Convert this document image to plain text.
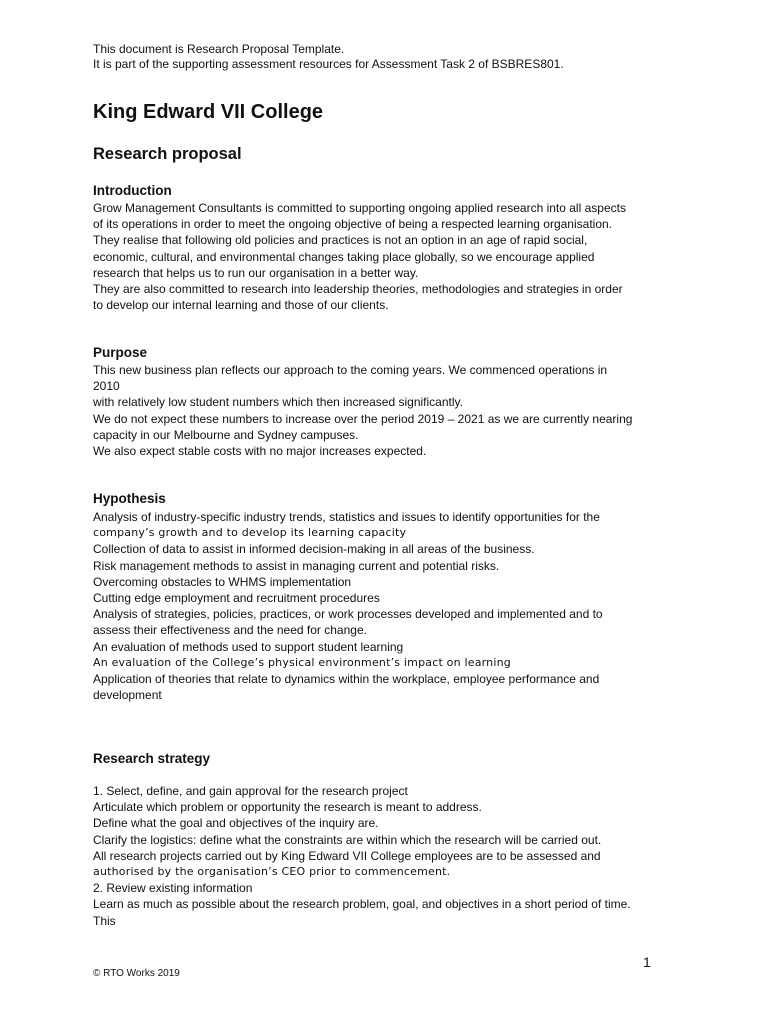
This document is Research Proposal Template.
It is part of the supporting assessment resources for Assessment Task 2 of BSBRES801.
King Edward VII College
Research proposal
Introduction
Grow Management Consultants is committed to supporting ongoing applied research into all aspects
of its operations in order to meet the ongoing objective of being a respected learning organisation.
They realise that following old policies and practices is not an option in an age of rapid social,
economic, cultural, and environmental changes taking place globally, so we encourage applied
research that helps us to run our organisation in a better way.
They are also committed to research into leadership theories, methodologies and strategies in order
to develop our internal learning and those of our clients.
Purpose
This new business plan reflects our approach to the coming years. We commenced operations in
2010
with relatively low student numbers which then increased significantly.
We do not expect these numbers to increase over the period 2019 – 2021 as we are currently nearing
capacity in our Melbourne and Sydney campuses.
We also expect stable costs with no major increases expected.
Hypothesis
Analysis of industry-specific industry trends, statistics and issues to identify opportunities for the
company’s growth and to develop its learning capacity
Collection of data to assist in informed decision-making in all areas of the business.
Risk management methods to assist in managing current and potential risks.
Overcoming obstacles to WHMS implementation
Cutting edge employment and recruitment procedures
Analysis of strategies, policies, practices, or work processes developed and implemented and to
assess their effectiveness and the need for change.
An evaluation of methods used to support student learning
An evaluation of the College’s physical environment’s impact on learning
Application of theories that relate to dynamics within the workplace, employee performance and
development
Research strategy
1. Select, define, and gain approval for the research project
Articulate which problem or opportunity the research is meant to address.
Define what the goal and objectives of the inquiry are.
Clarify the logistics: define what the constraints are within which the research will be carried out.
All research projects carried out by King Edward VII College employees are to be assessed and
authorised by the organisation’s CEO prior to commencement.
2. Review existing information
Learn as much as possible about the research problem, goal, and objectives in a short period of time.
This
1
© RTO Works 2019
